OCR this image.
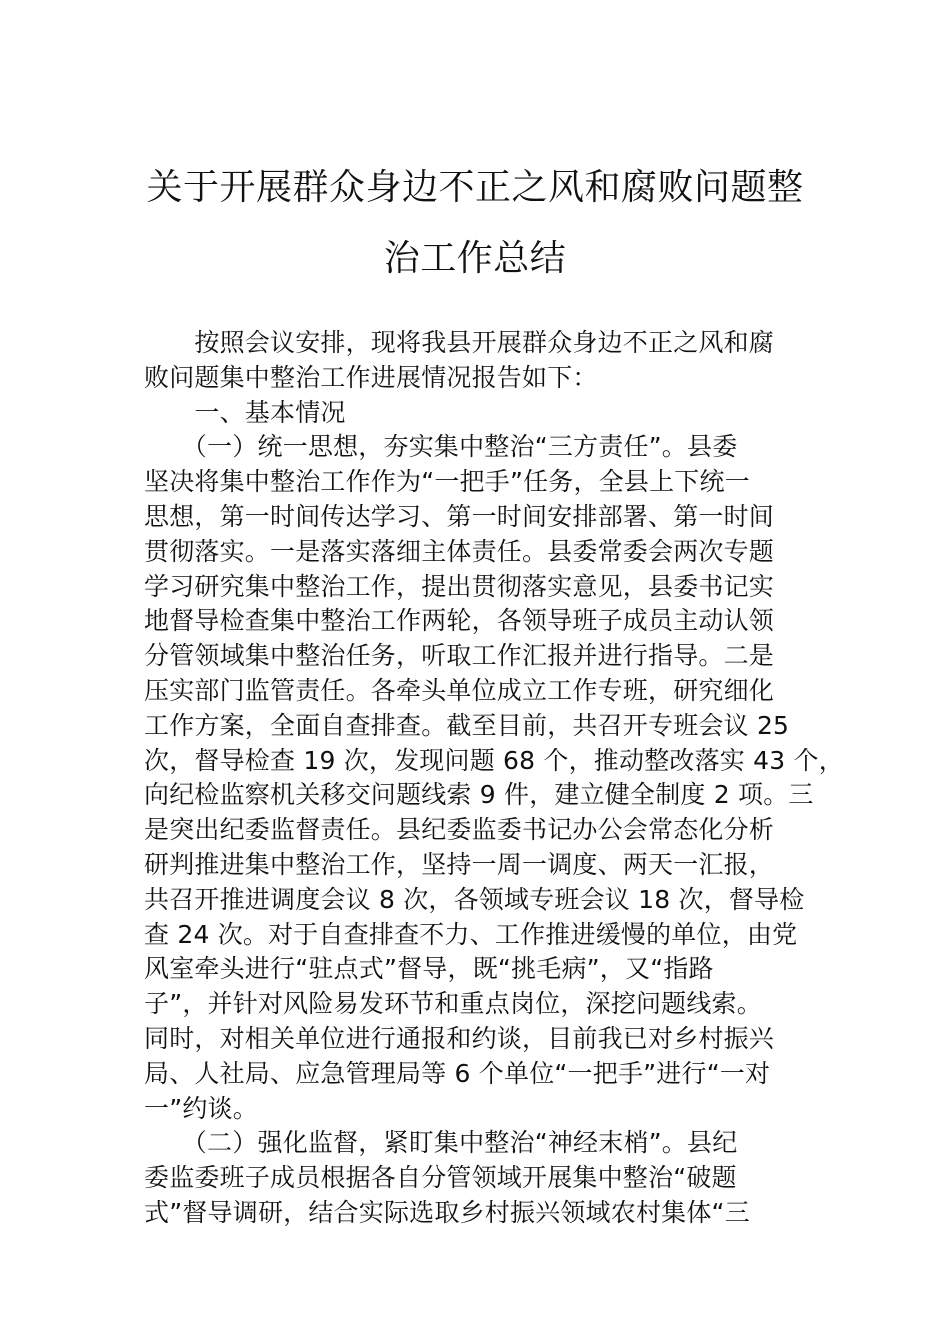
关于开展群众身边不正之风和腐败问题整
治工作总结
　　按照会议安排，现将我县开展群众身边不正之风和腐
败问题集中整治工作进展情况报告如下：
　　一、基本情况
　　（一）统一思想，夯实集中整治“三方责任”。县委
坚决将集中整治工作作为“一把手”任务，全县上下统一
思想，第一时间传达学习、第一时间安排部署、第一时间
贯彻落实。一是落实落细主体责任。县委常委会两次专题
学习研究集中整治工作，提出贯彻落实意见，县委书记实
地督导检查集中整治工作两轮，各领导班子成员主动认领
分管领域集中整治任务，听取工作汇报并进行指导。二是
压实部门监管责任。各牵头单位成立工作专班，研究细化
工作方案，全面自查排查。截至目前，共召开专班会议 25
次，督导检查 19 次，发现问题 68 个，推动整改落实 43 个，
向纪检监察机关移交问题线索 9 件，建立健全制度 2 项。三
是突出纪委监督责任。县纪委监委书记办公会常态化分析
研判推进集中整治工作，坚持一周一调度、两天一汇报，
共召开推进调度会议 8 次，各领域专班会议 18 次，督导检
查 24 次。对于自查排查不力、工作推进缓慢的单位，由党
风室牵头进行“驻点式”督导，既“挑毛病”，又“指路
子”，并针对风险易发环节和重点岗位，深挖问题线索。
同时，对相关单位进行通报和约谈，目前我已对乡村振兴
局、人社局、应急管理局等 6 个单位“一把手”进行“一对
一”约谈。
　　（二）强化监督，紧盯集中整治“神经末梢”。县纪
委监委班子成员根据各自分管领域开展集中整治“破题
式”督导调研，结合实际选取乡村振兴领域农村集体“三
